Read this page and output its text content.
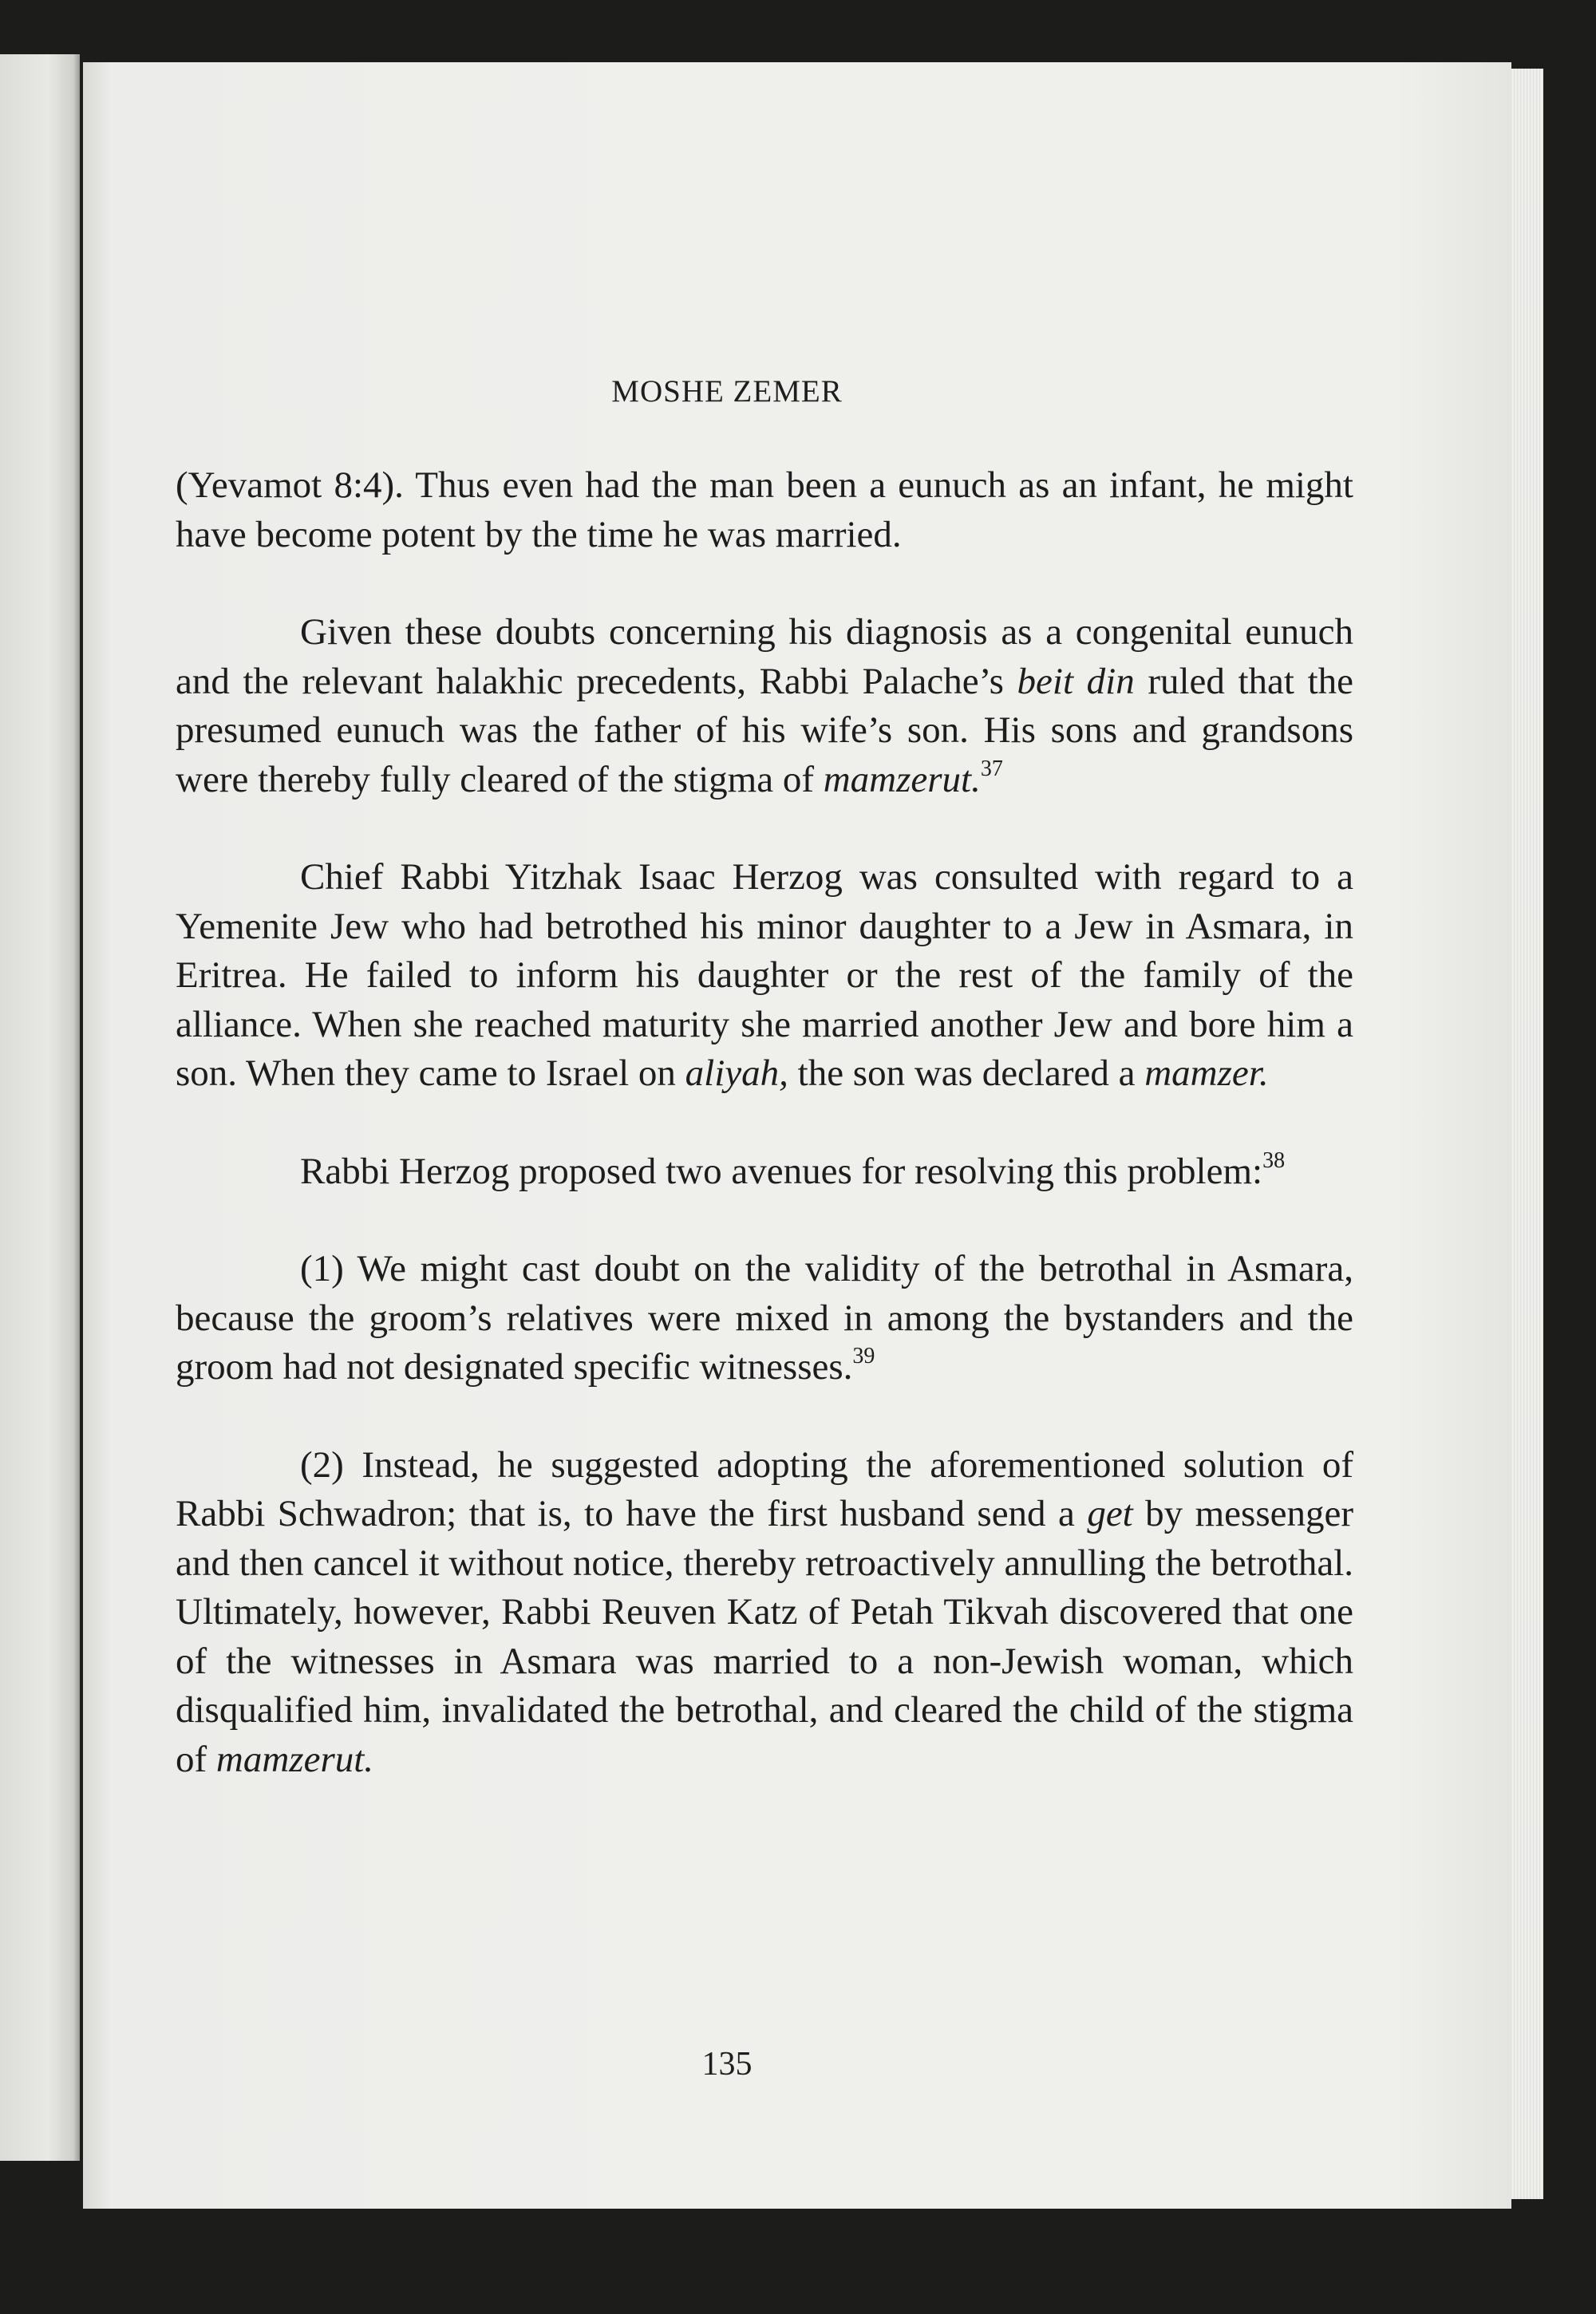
MOSHE ZEMER

(Yevamot 8:4). Thus even had the man been a eunuch as an infant, he might have become potent by the time he was married.

Given these doubts concerning his diagnosis as a congenital eunuch and the relevant halakhic precedents, Rabbi Palache’s beit din ruled that the presumed eunuch was the father of his wife’s son. His sons and grandsons were thereby fully cleared of the stigma of mamzerut.$^{37}$

Chief Rabbi Yitzhak Isaac Herzog was consulted with regard to a Yemenite Jew who had betrothed his minor daughter to a Jew in Asmara, in Eritrea. He failed to inform his daughter or the rest of the family of the alliance. When she reached maturity she married another Jew and bore him a son. When they came to Israel on aliyah, the son was declared a mamzer.

Rabbi Herzog proposed two avenues for resolving this problem:$^{38}$

(1) We might cast doubt on the validity of the betrothal in Asmara, because the groom’s relatives were mixed in among the bystanders and the groom had not designated specific witnesses.$^{39}$

(2) Instead, he suggested adopting the aforementioned solution of Rabbi Schwadron; that is, to have the first husband send a get by messenger and then cancel it without notice, thereby retroactively annulling the betrothal. Ultimately, however, Rabbi Reuven Katz of Petah Tikvah discovered that one of the witnesses in Asmara was married to a non-Jewish woman, which disqualified him, invalidated the betrothal, and cleared the child of the stigma of mamzerut.

135
